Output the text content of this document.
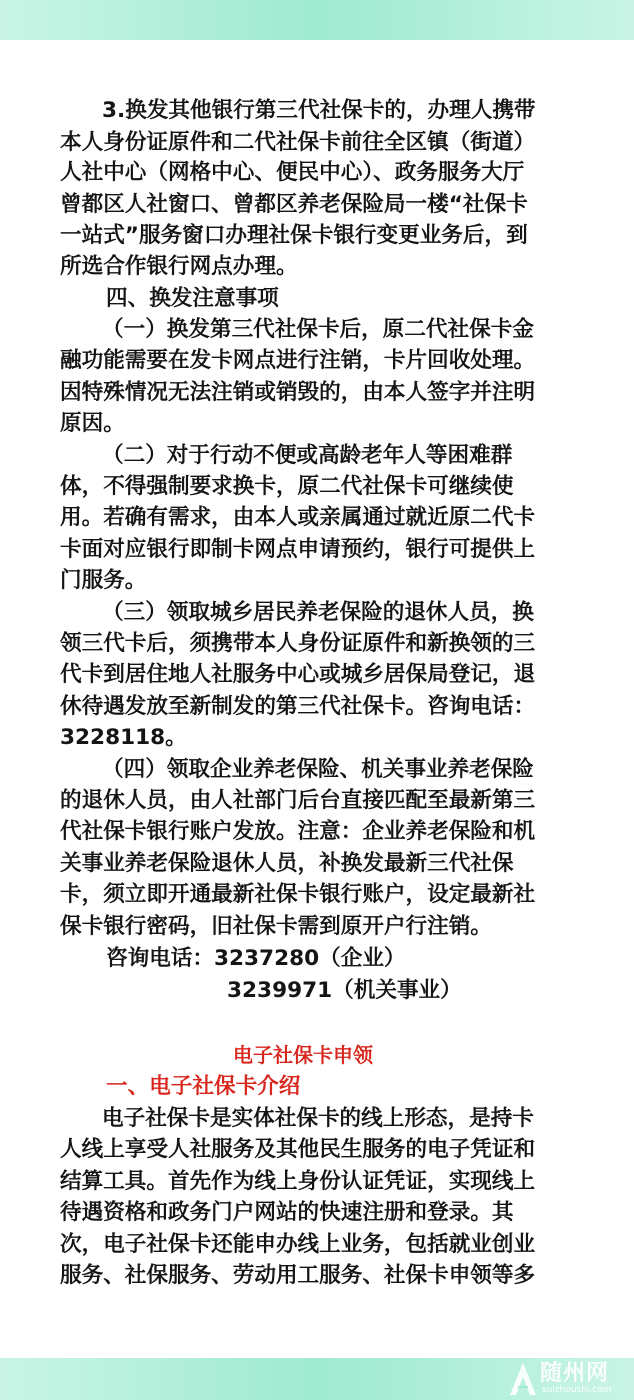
3.换发其他银行第三代社保卡的，办理人携带
本人身份证原件和二代社保卡前往全区镇（街道）
人社中心（网格中心、便民中心）、政务服务大厅
曾都区人社窗口、曾都区养老保险局一楼“社保卡
一站式”服务窗口办理社保卡银行变更业务后，到
所选合作银行网点办理。
四、换发注意事项
（一）换发第三代社保卡后，原二代社保卡金
融功能需要在发卡网点进行注销，卡片回收处理。
因特殊情况无法注销或销毁的，由本人签字并注明
原因。
（二）对于行动不便或高龄老年人等困难群
体，不得强制要求换卡，原二代社保卡可继续使
用。若确有需求，由本人或亲属通过就近原二代卡
卡面对应银行即制卡网点申请预约，银行可提供上
门服务。
（三）领取城乡居民养老保险的退休人员，换
领三代卡后，须携带本人身份证原件和新换领的三
代卡到居住地人社服务中心或城乡居保局登记，退
休待遇发放至新制发的第三代社保卡。咨询电话：
3228118。
（四）领取企业养老保险、机关事业养老保险
的退休人员，由人社部门后台直接匹配至最新第三
代社保卡银行账户发放。注意：企业养老保险和机
关事业养老保险退休人员，补换发最新三代社保
卡，须立即开通最新社保卡银行账户，设定最新社
保卡银行密码，旧社保卡需到原开户行注销。
咨询电话：3237280（企业）
3239971（机关事业）
电子社保卡申领
一、电子社保卡介绍
电子社保卡是实体社保卡的线上形态，是持卡
人线上享受人社服务及其他民生服务的电子凭证和
结算工具。首先作为线上身份认证凭证，实现线上
待遇资格和政务门户网站的快速注册和登录。其
次，电子社保卡还能申办线上业务，包括就业创业
服务、社保服务、劳动用工服务、社保卡申领等多
随州网
suizhoushi.com
